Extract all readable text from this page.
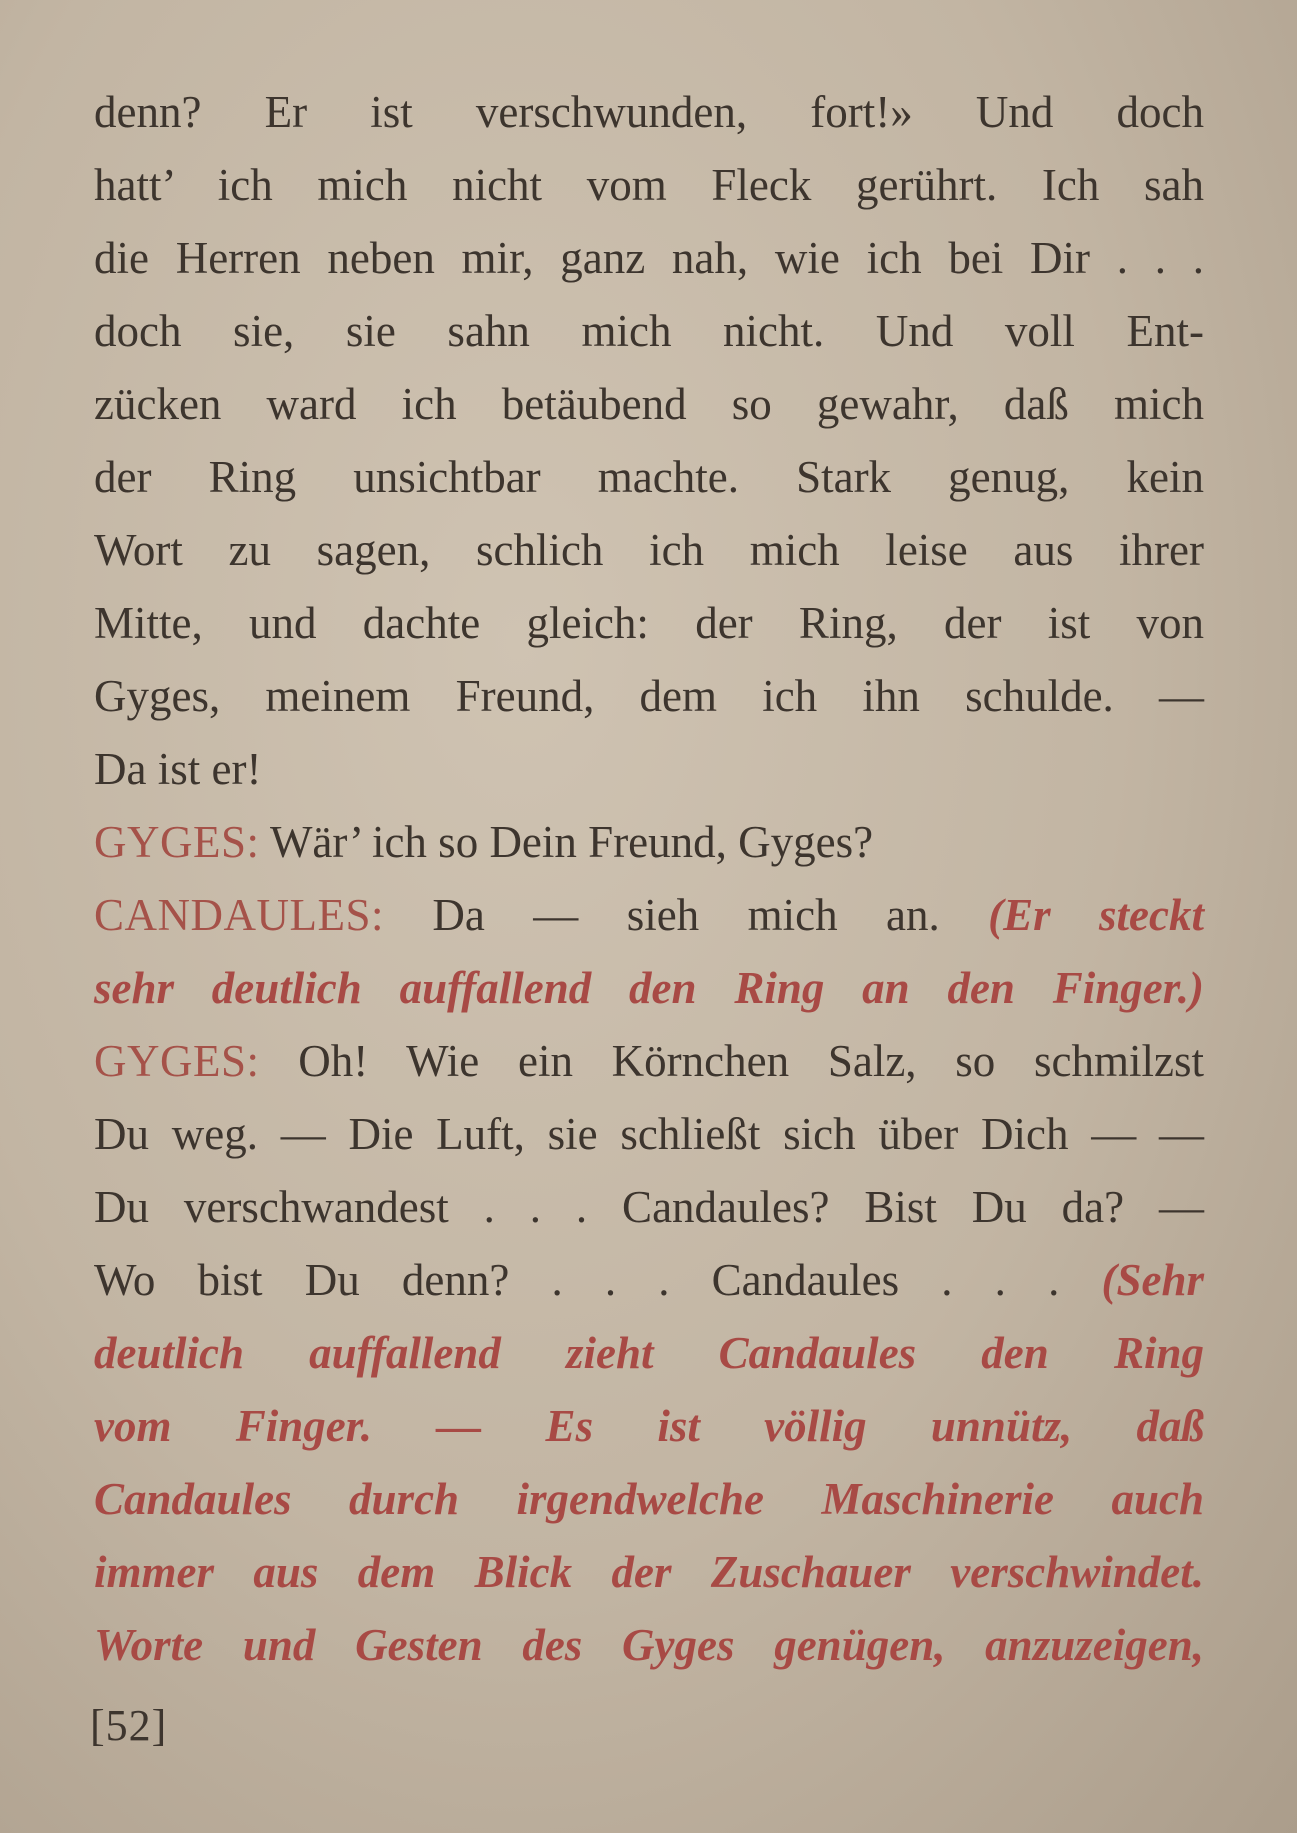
denn? Er ist verschwunden, fort!» Und doch
hatt’ ich mich nicht vom Fleck gerührt. Ich sah
die Herren neben mir, ganz nah, wie ich bei Dir . . .
doch sie, sie sahn mich nicht. Und voll Ent-
zücken ward ich betäubend so gewahr, daß mich
der Ring unsichtbar machte. Stark genug, kein
Wort zu sagen, schlich ich mich leise aus ihrer
Mitte, und dachte gleich: der Ring, der ist von
Gyges, meinem Freund, dem ich ihn schulde. —
Da ist er!
GYGES: Wär’ ich so Dein Freund, Gyges?
CANDAULES: Da — sieh mich an. (Er steckt
sehr deutlich auffallend den Ring an den Finger.)
GYGES: Oh! Wie ein Körnchen Salz, so schmilzst
Du weg. — Die Luft, sie schließt sich über Dich — —
Du verschwandest . . . Candaules? Bist Du da? —
Wo bist Du denn? . . . Candaules . . . (Sehr
deutlich auffallend zieht Candaules den Ring
vom Finger. — Es ist völlig unnütz, daß
Candaules durch irgendwelche Maschinerie auch
immer aus dem Blick der Zuschauer verschwindet.
Worte und Gesten des Gyges genügen, anzuzeigen,
[52]
